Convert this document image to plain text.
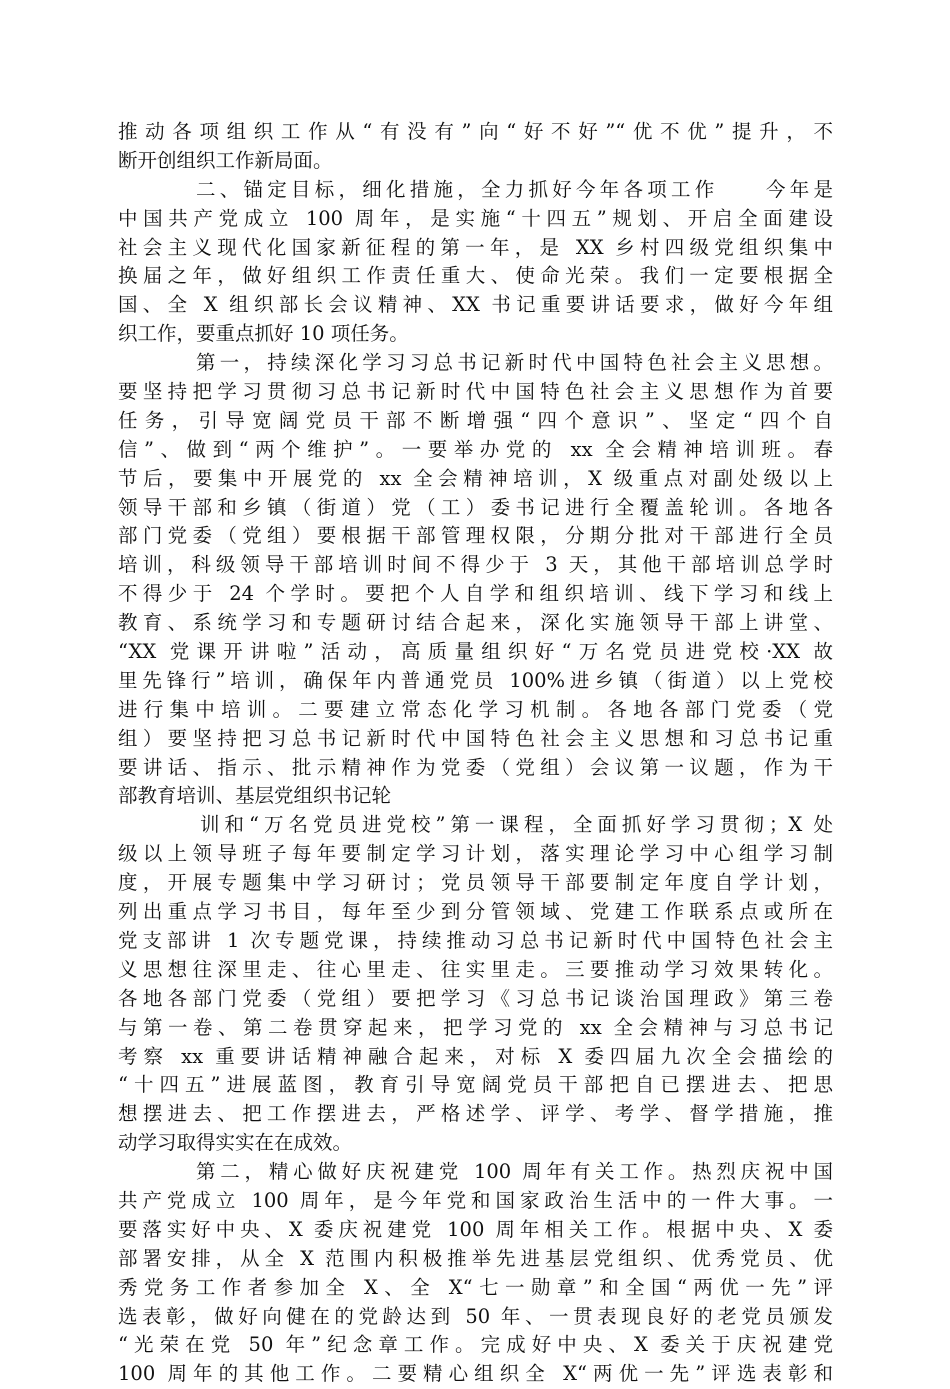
推动各项组织工作从“有没有”向“好不好”“优不优”提升，不
断开创组织工作新局面。
二、锚定目标，细化措施，全力抓好今年各项工作　　今年是
中国共产党成立 100 周年，是实施“十四五”规划、开启全面建设
社会主义现代化国家新征程的第一年，是 XX 乡村四级党组织集中
换届之年，做好组织工作责任重大、使命光荣。我们一定要根据全
国、全 X 组织部长会议精神、XX 书记重要讲话要求，做好今年组
织工作，要重点抓好 10 项任务。
第一，持续深化学习习总书记新时代中国特色社会主义思想。
要坚持把学习贯彻习总书记新时代中国特色社会主义思想作为首要
任务，引导宽阔党员干部不断增强“四个意识”、坚定“四个自
信”、做到“两个维护”。一要举办党的 xx 全会精神培训班。春
节后，要集中开展党的 xx 全会精神培训，X 级重点对副处级以上
领导干部和乡镇（街道）党（工）委书记进行全覆盖轮训。各地各
部门党委（党组）要根据干部管理权限，分期分批对干部进行全员
培训，科级领导干部培训时间不得少于 3 天，其他干部培训总学时
不得少于 24 个学时。要把个人自学和组织培训、线下学习和线上
教育、系统学习和专题研讨结合起来，深化实施领导干部上讲堂、
“XX 党课开讲啦”活动，高质量组织好“万名党员进党校·XX 故
里先锋行”培训，确保年内普通党员 100%进乡镇（街道）以上党校
进行集中培训。二要建立常态化学习机制。各地各部门党委（党
组）要坚持把习总书记新时代中国特色社会主义思想和习总书记重
要讲话、指示、批示精神作为党委（党组）会议第一议题，作为干
部教育培训、基层党组织书记轮
训和“万名党员进党校”第一课程，全面抓好学习贯彻；X 处
级以上领导班子每年要制定学习计划，落实理论学习中心组学习制
度，开展专题集中学习研讨；党员领导干部要制定年度自学计划，
列出重点学习书目，每年至少到分管领域、党建工作联系点或所在
党支部讲 1 次专题党课，持续推动习总书记新时代中国特色社会主
义思想往深里走、往心里走、往实里走。三要推动学习效果转化。
各地各部门党委（党组）要把学习《习总书记谈治国理政》第三卷
与第一卷、第二卷贯穿起来，把学习党的 xx 全会精神与习总书记
考察 xx 重要讲话精神融合起来，对标 X 委四届九次全会描绘的
“十四五”进展蓝图，教育引导宽阔党员干部把自已摆进去、把思
想摆进去、把工作摆进去，严格述学、评学、考学、督学措施，推
动学习取得实实在在成效。
第二，精心做好庆祝建党 100 周年有关工作。热烈庆祝中国
共产党成立 100 周年，是今年党和国家政治生活中的一件大事。一
要落实好中央、X 委庆祝建党 100 周年相关工作。根据中央、X 委
部署安排，从全 X 范围内积极推举先进基层党组织、优秀党员、优
秀党务工作者参加全 X、全 X“七一勋章”和全国“两优一先”评
选表彰，做好向健在的党龄达到 50 年、一贯表现良好的老党员颁发
“光荣在党 50 年”纪念章工作。完成好中央、X 委关于庆祝建党
100 周年的其他工作。二要精心组织全 X“两优一先”评选表彰和
